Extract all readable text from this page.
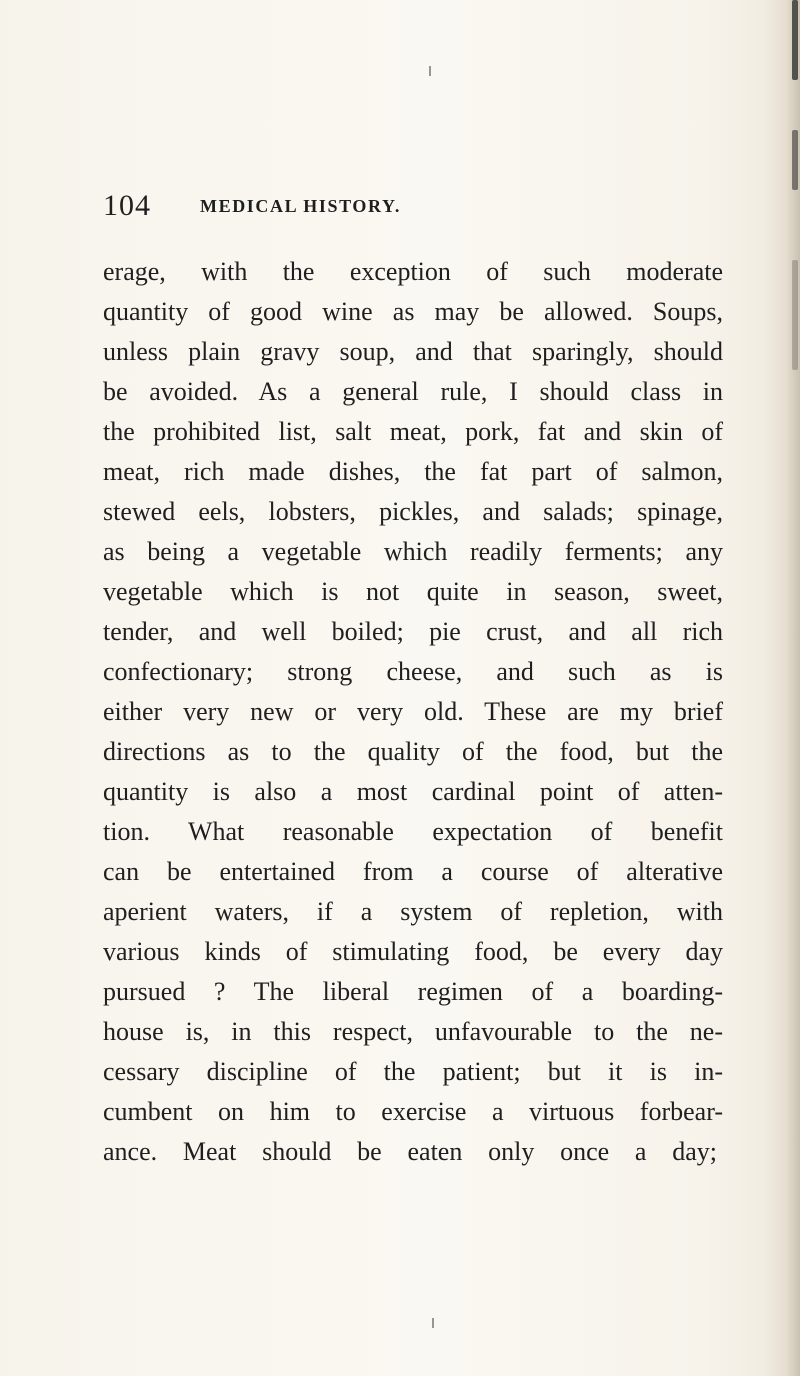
104	MEDICAL HISTORY.
erage, with the exception of such moderate
quantity of good wine as may be allowed. Soups,
unless plain gravy soup, and that sparingly, should
be avoided. As a general rule, I should class in
the prohibited list, salt meat, pork, fat and skin of
meat, rich made dishes, the fat part of salmon,
stewed eels, lobsters, pickles, and salads; spinage,
as being a vegetable which readily ferments; any
vegetable which is not quite in season, sweet,
tender, and well boiled; pie crust, and all rich
confectionary; strong cheese, and such as is
either very new or very old. These are my brief
directions as to the quality of the food, but the
quantity is also a most cardinal point of atten-
tion. What reasonable expectation of benefit
can be entertained from a course of alterative
aperient waters, if a system of repletion, with
various kinds of stimulating food, be every day
pursued ? The liberal regimen of a boarding-
house is, in this respect, unfavourable to the ne-
cessary discipline of the patient; but it is in-
cumbent on him to exercise a virtuous forbear-
ance. Meat should be eaten only once a day;
